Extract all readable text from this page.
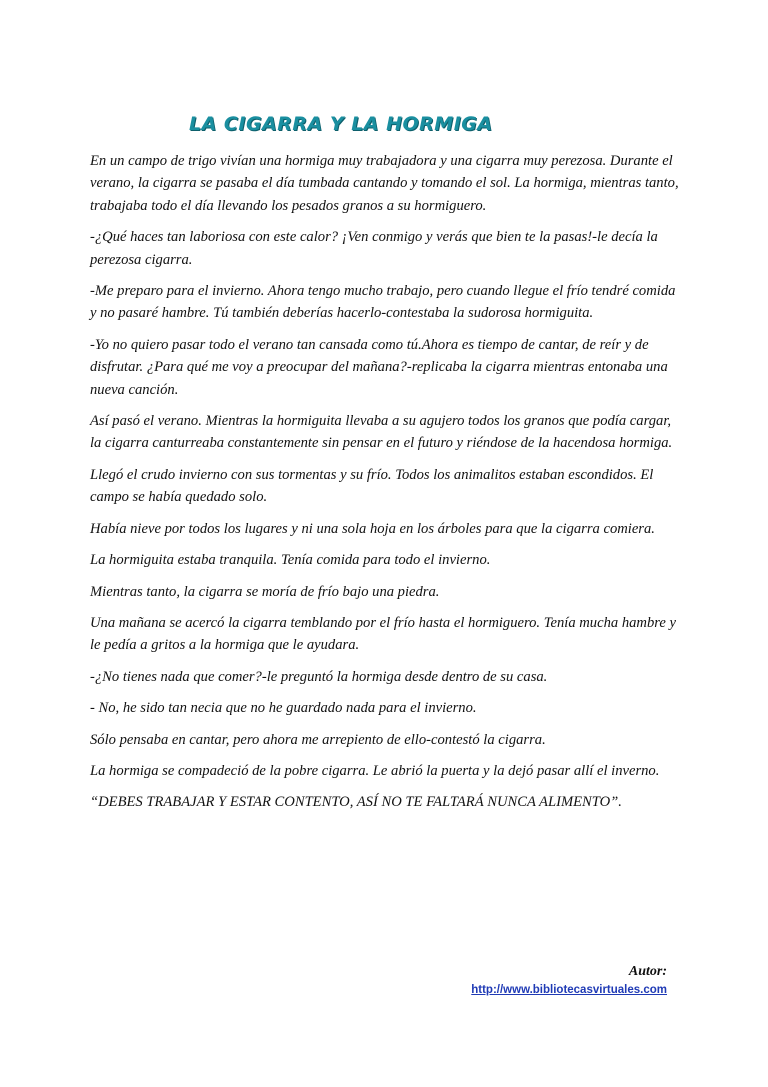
LA CIGARRA Y LA HORMIGA

En un campo de trigo vivían una hormiga muy trabajadora y una cigarra muy perezosa. Durante el verano, la cigarra se pasaba el día tumbada cantando y tomando el sol. La hormiga, mientras tanto, trabajaba todo el día llevando los pesados granos a su hormiguero.

-¿Qué haces tan laboriosa con este calor? ¡Ven conmigo y verás que bien te la pasas!-le decía la perezosa cigarra.

-Me preparo para el invierno. Ahora tengo mucho trabajo, pero cuando llegue el frío tendré comida y no pasaré hambre. Tú también deberías hacerlo-contestaba la sudorosa hormiguita.

-Yo no quiero pasar todo el verano tan cansada como tú.Ahora es tiempo de cantar, de reír y de disfrutar. ¿Para qué me voy a preocupar del mañana?-replicaba la cigarra mientras entonaba una nueva canción.

Así pasó el verano. Mientras la hormiguita llevaba a su agujero todos los granos que podía cargar, la cigarra canturreaba constantemente sin pensar en el futuro y riéndose de la hacendosa hormiga.

Llegó el crudo invierno con sus tormentas y su frío. Todos los animalitos estaban escondidos. El campo se había quedado solo.

Había nieve por todos los lugares y ni una sola hoja en los árboles para que la cigarra comiera.

La hormiguita estaba tranquila. Tenía comida para todo el invierno.

Mientras tanto, la cigarra se moría de frío bajo una piedra.

Una mañana se acercó la cigarra temblando por el frío hasta el hormiguero. Tenía mucha hambre y le pedía a gritos a la hormiga que le ayudara.

-¿No tienes nada que comer?-le preguntó la hormiga desde dentro de su casa.

- No, he sido tan necia que no he guardado nada para el invierno.

Sólo pensaba en cantar, pero ahora me arrepiento de ello-contestó la cigarra.

La hormiga se compadeció de la pobre cigarra. Le abrió la puerta y la dejó pasar allí el inverno.

“DEBES TRABAJAR Y ESTAR CONTENTO, ASÍ NO TE FALTARÁ NUNCA ALIMENTO”.

Autor:
http://www.bibliotecasvirtuales.com
